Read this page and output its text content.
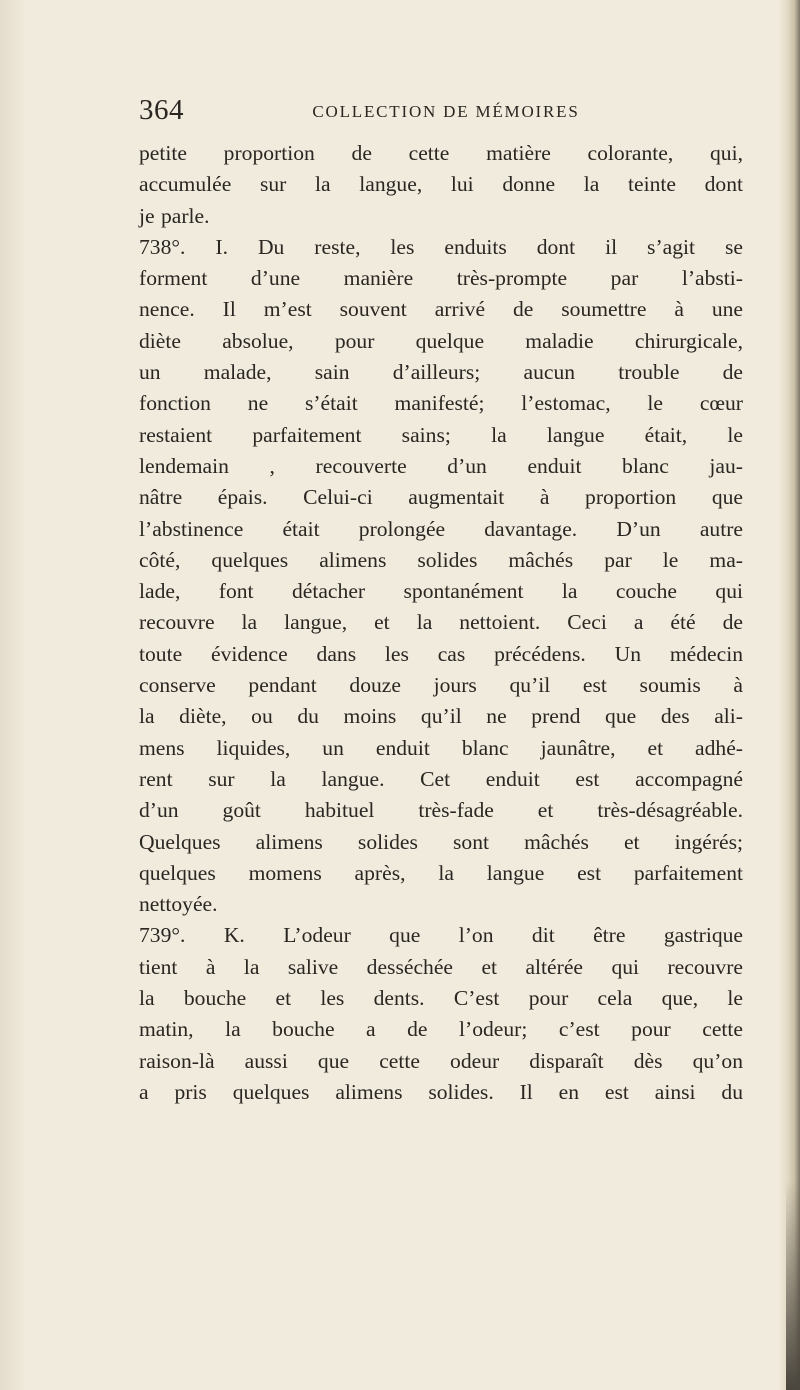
364	COLLECTION DE MÉMOIRES
petite proportion de cette matière colorante, qui,
accumulée sur la langue, lui donne la teinte dont
je parle.
738°. I. Du reste, les enduits dont il s’agit se
forment d’une manière très-prompte par l’absti-
nence. Il m’est souvent arrivé de soumettre à une
diète absolue, pour quelque maladie chirurgicale,
un malade, sain d’ailleurs; aucun trouble de
fonction ne s’était manifesté; l’estomac, le cœur
restaient parfaitement sains; la langue était, le
lendemain , recouverte d’un enduit blanc jau-
nâtre épais. Celui-ci augmentait à proportion que
l’abstinence était prolongée davantage. D’un autre
côté, quelques alimens solides mâchés par le ma-
lade, font détacher spontanément la couche qui
recouvre la langue, et la nettoient. Ceci a été de
toute évidence dans les cas précédens. Un médecin
conserve pendant douze jours qu’il est soumis à
la diète, ou du moins qu’il ne prend que des ali-
mens liquides, un enduit blanc jaunâtre, et adhé-
rent sur la langue. Cet enduit est accompagné
d’un goût habituel très-fade et très-désagréable.
Quelques alimens solides sont mâchés et ingérés;
quelques momens après, la langue est parfaitement
nettoyée.
739°. K. L’odeur que l’on dit être gastrique
tient à la salive desséchée et altérée qui recouvre
la bouche et les dents. C’est pour cela que, le
matin, la bouche a de l’odeur; c’est pour cette
raison-là aussi que cette odeur disparaît dès qu’on
a pris quelques alimens solides. Il en est ainsi du
